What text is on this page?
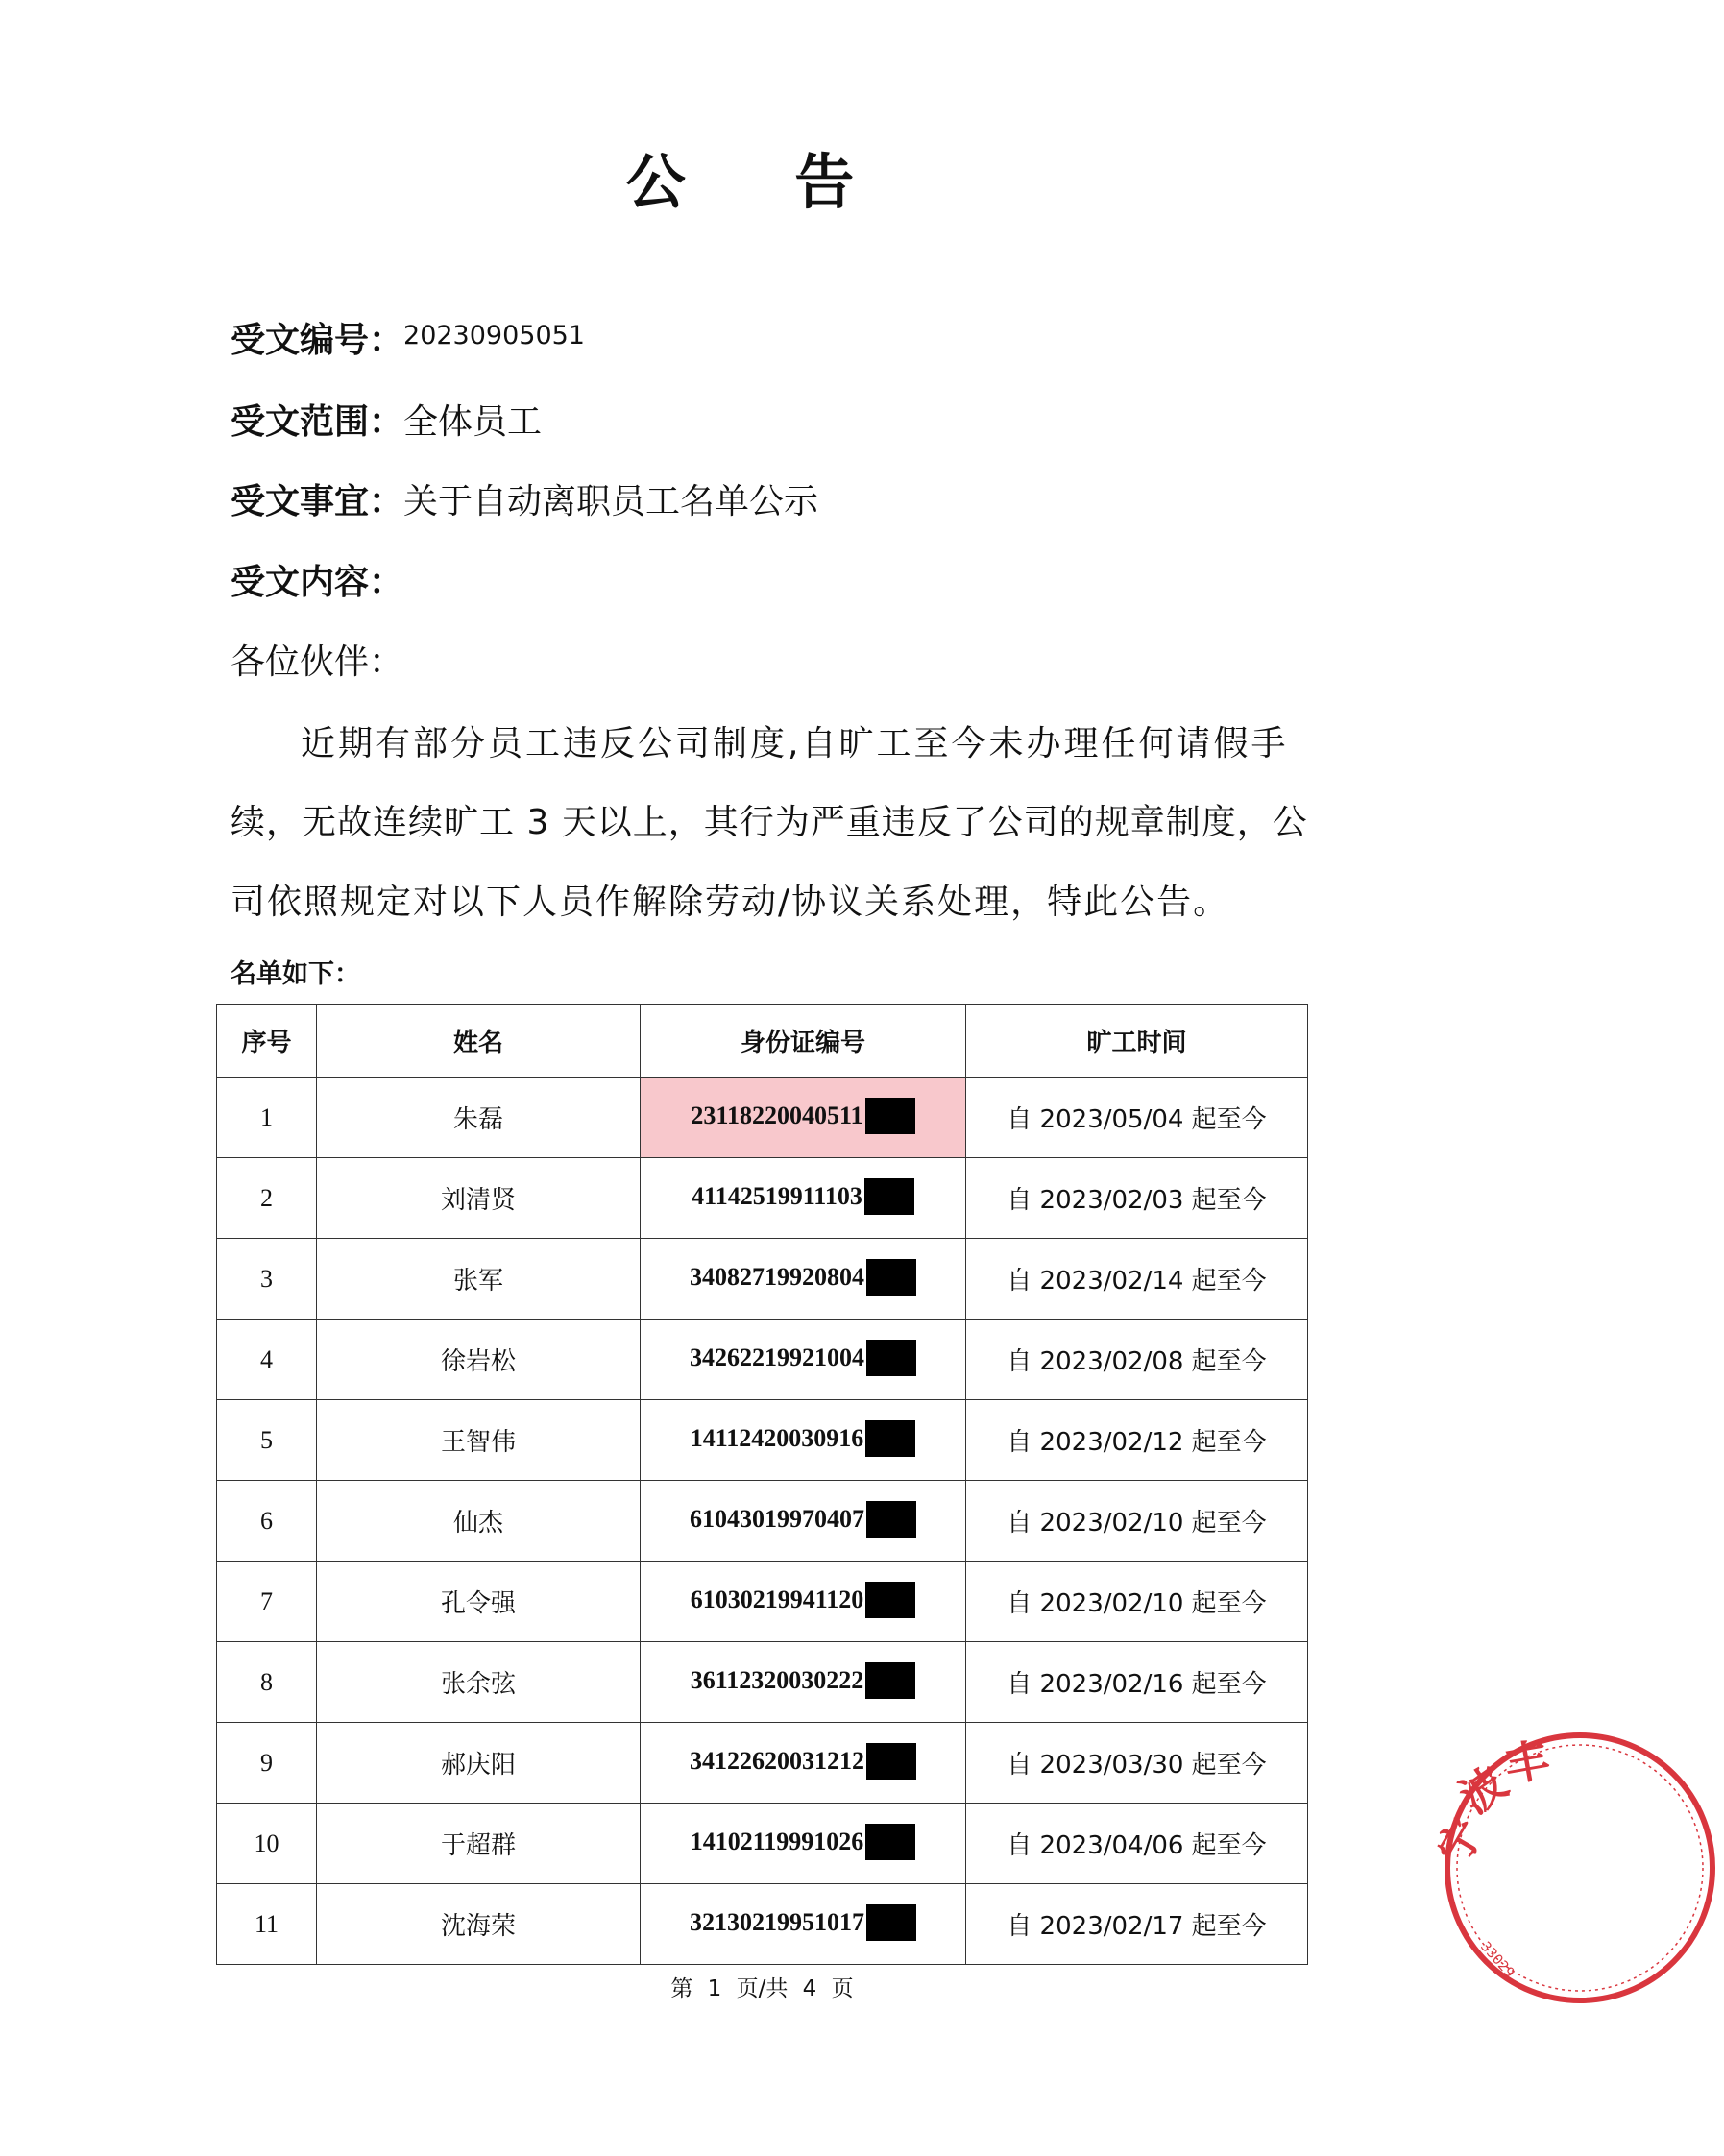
公 告
受文编号：$^{20230905051}$
受文范围：全体员工
受文事宜：关于自动离职员工名单公示
受文内容：
各位伙伴：
近期有部分员工违反公司制度,自旷工至今未办理任何请假手
续，无故连续旷工 3 天以上，其行为严重违反了公司的规章制度，公
司依照规定对以下人员作解除劳动/协议关系处理，特此公告。
名单如下：
序号	姓名	身份证编号	旷工时间
1	朱磊	23118220040511	自 2023/05/04 起至今
2	刘清贤	41142519911103	自 2023/02/03 起至今
3	张军	34082719920804	自 2023/02/14 起至今
4	徐岩松	34262219921004	自 2023/02/08 起至今
5	王智伟	14112420030916	自 2023/02/12 起至今
6	仙杰	61043019970407	自 2023/02/10 起至今
7	孔令强	61030219941120	自 2023/02/10 起至今
8	张余弦	36112320030222	自 2023/02/16 起至今
9	郝庆阳	34122620031212	自 2023/03/30 起至今
10	于超群	14102119991026	自 2023/04/06 起至今
11	沈海荣	32130219951017	自 2023/02/17 起至今
第 1 页/共 4 页
宁
波
丰
33029
